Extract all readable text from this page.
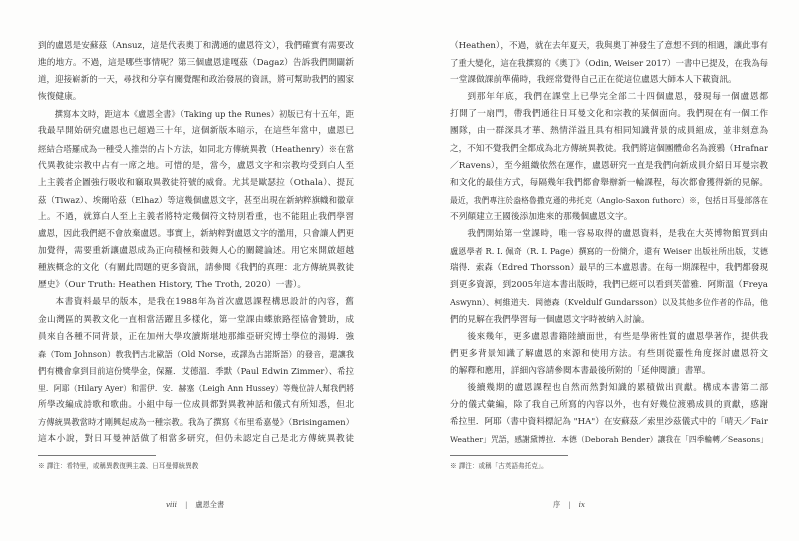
到的盧恩是安蘇茲（Ansuz，這是代表奧丁和溝通的盧恩符文），我們確實有需要改
進的地方。不過，這是哪些事情呢？第三個盧恩達嘎茲（Dagaz）告訴我們開闢新
道，迎接嶄新的一天，尋找和分享有關覺醒和政治發展的資訊，將可幫助我們的國家
恢復健康。
撰寫本文時，距這本《盧恩全書》（Taking up the Runes）初版已有十五年，距
我最早開始研究盧恩也已超過三十年，這個新版本暗示，在這些年當中，盧恩已
經結合塔羅成為一種受人推崇的占卜方法，如同北方傳統異教（Heathenry）※在當
代異教徒宗教中占有一席之地。可惜的是，當今，盧恩文字和宗教均受到白人至
上主義者企圖強行吸收和竊取異教徒符號的威脅。尤其是歐瑟拉（Othala）、提瓦
茲（Tiwaz）、埃爾哈茲（Elhaz）等這幾個盧恩文字，甚至出現在新納粹旗幟和徽章
上。不過，就算白人至上主義者將特定幾個符文特別看重，也不能阻止我們學習
盧恩，因此我們絕不會放棄盧恩。事實上，新納粹對盧恩文字的濫用，只會讓人們更
加覺得，需要重新讓盧恩成為正向積極和鼓舞人心的關鍵論述。用它來開啟超越
種族概念的文化（有關此問題的更多資訊，請參閱《我們的真理：北方傳統異教徒
歷史》（Our Truth: Heathen History, The Troth, 2020）一書）。
本書資料最早的版本，是我在1988年為首次盧恩課程構思設計的內容，舊
金山灣區的異教文化一直相當活躍且多樣化，第一堂課由蝶旅路徑協會贊助，成
員來自各種不同背景，正在加州大學攻讀斯堪地那維亞研究博士學位的湯姆．強
森（Tom Johnson）教我們古北歐語（Old Norse，或譯為古諾斯語）的發音，還讓我
們有機會拿到目前這份獎學金，保羅．艾德溫．季默（Paul Edwin Zimmer）、希拉
里．阿耶（Hilary Ayer）和雷伊．安．赫塞（Leigh Ann Hussey）等幾位詩人幫我們將
所學改編成詩歌和歌曲。小組中每一位成員都對異教神話和儀式有所知悉，但北
方傳統異教當時才剛興起成為一種宗教。我為了撰寫《布里希嘉曼》（Brisingamen）
這本小說，對日耳曼神話做了相當多研究，但仍未認定自己是北方傳統異教徒
※ 譯注：希特里，或稱異教復興主義、日耳曼傳統異教
viii | 盧恩全書
（Heathen），不過，就在去年夏天，我與奧丁神發生了意想不到的相遇，讓此事有
了重大變化，這在我撰寫的《奧丁》（Odin, Weiser 2017）一書中已提及，在我為每
一堂課做課前準備時，我經常覺得自己正在從這位盧恩大師本人下載資訊。
到那年年底，我們在課堂上已學完全部二十四個盧恩，發現每一個盧恩都
打開了一扇門，帶我們通往日耳曼文化和宗教的某個面向。我們現在有一個工作
團隊，由一群深具才華、熱情洋溢且具有相同知識背景的成員組成，並非刻意為
之，不知不覺我們全都成為北方傳統異教徒。我們將這個團體命名為渡鴉（Hrafnar
／Ravens），至今組織依然在運作，盧恩研究一直是我們向新成員介紹日耳曼宗教
和文化的最佳方式，每隔幾年我們都會舉辦新一輪課程，每次都會獲得新的見解。
最近，我們專注於盎格魯撒克遜的弗托克（Anglo-Saxon futhorc）※，包括日耳曼部落在
不列顛建立王國後添加進來的那幾個盧恩文字。
我們開始第一堂課時，唯一容易取得的盧恩資料，是我在大英博物館買到由
盧恩學者 R. I. 佩奇（R. I. Page）撰寫的一份簡介，還有 Weiser 出版社所出版，艾德
瑞得．索森（Edred Thorsson）最早的三本盧恩書。在每一期課程中，我們都發現
到更多資源，到2005年這本書出版時，我們已經可以看到芙蕾雅．阿斯溫（Freya
Aswynn）、柯維道夫．岡德森（Kveldulf Gundarsson）以及其他多位作者的作品，他
們的見解在我們學習每一個盧恩文字時被納入討論。
後來幾年，更多盧恩書籍陸續面世，有些是學術性質的盧恩學著作，提供我
們更多背景知識了解盧恩的來源和使用方法。有些則從靈性角度探討盧恩符文
的解釋和應用，詳細內容請參閱本書最後所附的「延伸閱讀」書單。
後續幾期的盧恩課程也自然而然對知識的累積做出貢獻。構成本書第二部
分的儀式彙編，除了我自己所寫的內容以外，也有好幾位渡鴉成員的貢獻，感謝
希拉里．阿耶（書中資料標記為 "HA"）在安蘇茲／索里沙茲儀式中的「晴天／Fair
Weather」咒語，感謝黛博拉．本德（Deborah Bender）讓我在「四季輪轉／Seasons」
※ 譯注：或稱「古英語弗托克」。
序 | ix
